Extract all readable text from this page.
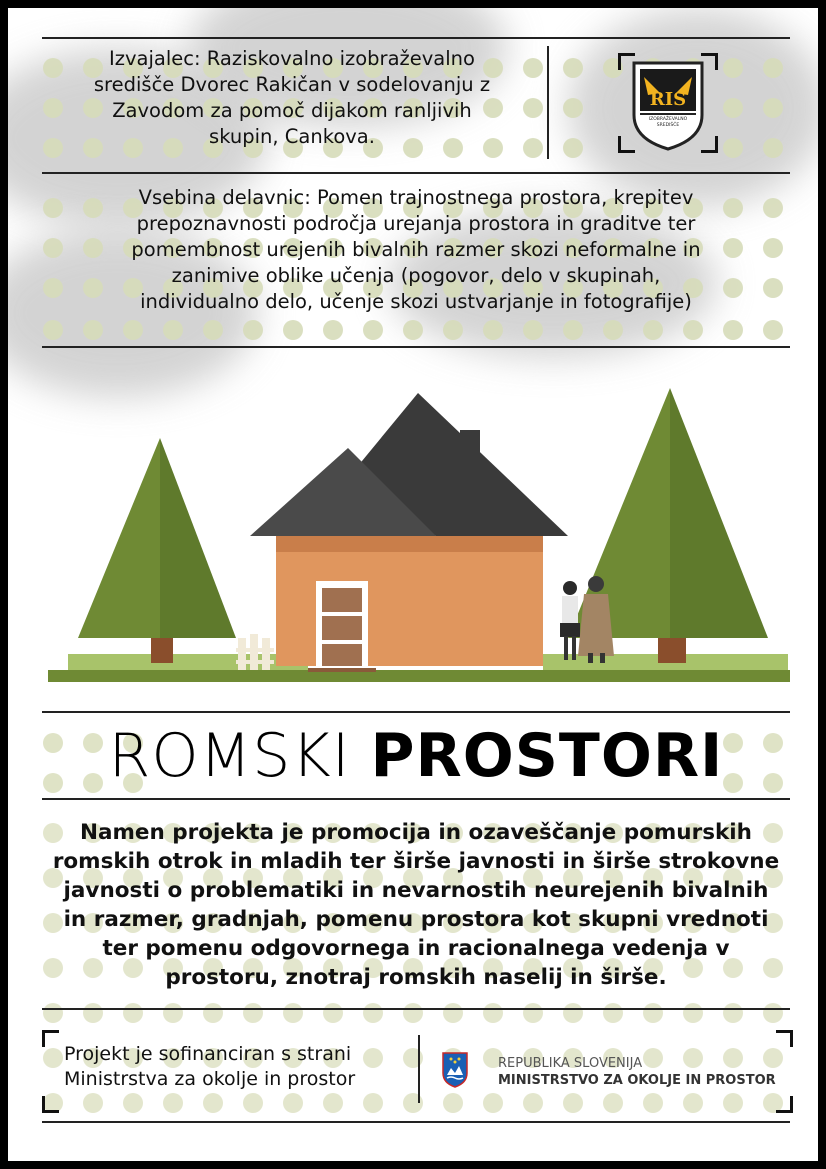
Izvajalec: Raziskovalno izobraževalno
središče Dvorec Rakičan v sodelovanju z
Zavodom za pomoč dijakom ranljivih
skupin, Cankova.
RIS
IZOBRAŽEVALNO SREDIŠČE
Vsebina delavnic: Pomen trajnostnega prostora, krepitev
prepoznavnosti področja urejanja prostora in graditve ter
pomembnost urejenih bivalnih razmer skozi neformalne in
zanimive oblike učenja (pogovor, delo v skupinah,
individualno delo, učenje skozi ustvarjanje in fotografije)
ROMSKI PROSTORI
Namen projekta je promocija in ozaveščanje pomurskih
romskih otrok in mladih ter širše javnosti in širše strokovne
javnosti o problematiki in nevarnostih neurejenih bivalnih
in razmer, gradnjah, pomenu prostora kot skupni vrednoti
ter pomenu odgovornega in racionalnega vedenja v
prostoru, znotraj romskih naselij in širše.
Projekt je sofinanciran s strani
Ministrstva za okolje in prostor
REPUBLIKA SLOVENIJA
MINISTRSTVO ZA OKOLJE IN PROSTOR
